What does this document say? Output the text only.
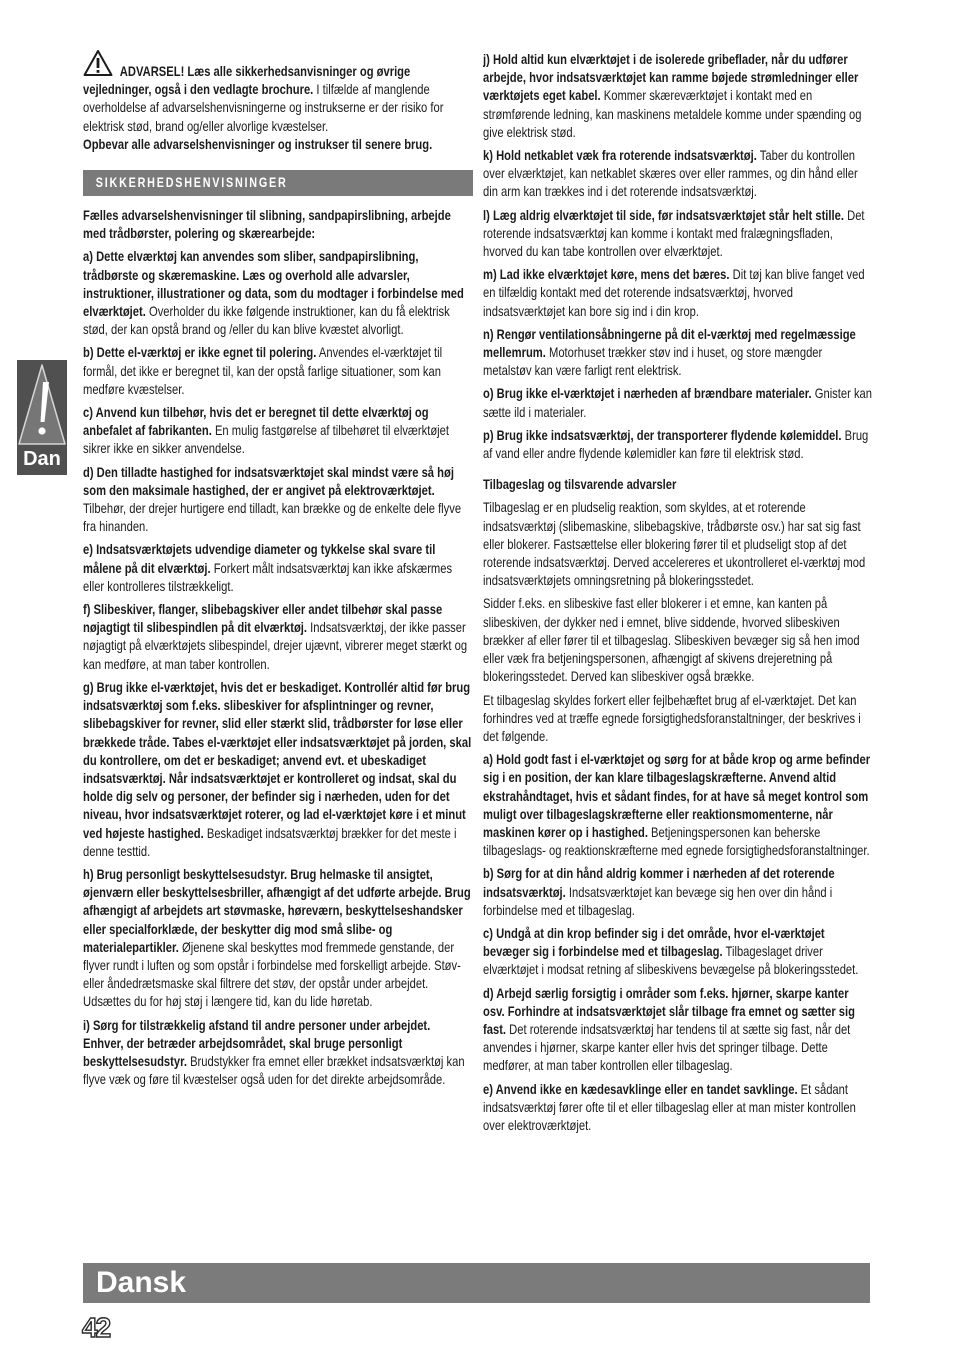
ADVARSEL! Læs alle sikkerhedsanvisninger og øvrige vejledninger, også i den vedlagte brochure. I tilfælde af manglende overholdelse af advarselshenvisningerne og instrukserne er der risiko for elektrisk stød, brand og/eller alvorlige kvæstelser.

Opbevar alle advarselshenvisninger og instrukser til senere brug.

SIKKERHEDSHENVISNINGER

Fælles advarselshenvisninger til slibning, sandpapirslibning, arbejde med trådbørster, polering og skærearbejde:

a) Dette elværktøj kan anvendes som sliber, sandpapirslibning, trådbørste og skæremaskine. Læs og overhold alle advarsler, instruktioner, illustrationer og data, som du modtager i forbindelse med elværktøjet. Overholder du ikke følgende instruktioner, kan du få elektrisk stød, der kan opstå brand og /eller du kan blive kvæstet alvorligt.

b) Dette el-værktøj er ikke egnet til polering. Anvendes el-værktøjet til formål, det ikke er beregnet til, kan der opstå farlige situationer, som kan medføre kvæstelser.

c) Anvend kun tilbehør, hvis det er beregnet til dette elværktøj og anbefalet af fabrikanten. En mulig fastgørelse af tilbehøret til elværktøjet sikrer ikke en sikker anvendelse.

d) Den tilladte hastighed for indsatsværktøjet skal mindst være så høj som den maksimale hastighed, der er angivet på elektroværktøjet. Tilbehør, der drejer hurtigere end tilladt, kan brække og de enkelte dele flyve fra hinanden.

e) Indsatsværktøjets udvendige diameter og tykkelse skal svare til målene på dit elværktøj. Forkert målt indsatsværktøj kan ikke afskærmes eller kontrolleres tilstrækkeligt.

f) Slibeskiver, flanger, slibebagskiver eller andet tilbehør skal passe nøjagtigt til slibespindlen på dit elværktøj. Indsatsværktøj, der ikke passer nøjagtigt på elværktøjets slibespindel, drejer ujævnt, vibrerer meget stærkt og kan medføre, at man taber kontrollen.

g) Brug ikke el-værktøjet, hvis det er beskadiget. Kontrollér altid før brug indsatsværktøj som f.eks. slibeskiver for afsplintninger og revner, slibebagskiver for revner, slid eller stærkt slid, trådbørster for løse eller brækkede tråde. Tabes el-værktøjet eller indsatsværktøjet på jorden, skal du kontrollere, om det er beskadiget; anvend evt. et ubeskadiget indsatsværktøj. Når indsatsværktøjet er kontrolleret og indsat, skal du holde dig selv og personer, der befinder sig i nærheden, uden for det niveau, hvor indsatsværktøjet roterer, og lad el-værktøjet køre i et minut ved højeste hastighed. Beskadiget indsatsværktøj brækker for det meste i denne testtid.

h) Brug personligt beskyttelsesudstyr. Brug helmaske til ansigtet, øjenværn eller beskyttelsesbriller, afhængigt af det udførte arbejde. Brug afhængigt af arbejdets art støvmaske, høreværn, beskyttelseshandsker eller specialforklæde, der beskytter dig mod små slibe- og materialepartikler. Øjenene skal beskyttes mod fremmede genstande, der flyver rundt i luften og som opstår i forbindelse med forskelligt arbejde. Støv- eller åndedrætsmaske skal filtrere det støv, der opstår under arbejdet. Udsættes du for høj støj i længere tid, kan du lide høretab.

i) Sørg for tilstrækkelig afstand til andre personer under arbejdet. Enhver, der betræder arbejdsområdet, skal bruge personligt beskyttelsesudstyr. Brudstykker fra emnet eller brækket indsatsværktøj kan flyve væk og føre til kvæstelser også uden for det direkte arbejdsområde.

j) Hold altid kun elværktøjet i de isolerede gribeflader, når du udfører arbejde, hvor indsatsværktøjet kan ramme bøjede strømledninger eller værktøjets eget kabel. Kommer skæreværktøjet i kontakt med en strømførende ledning, kan maskinens metaldele komme under spænding og give elektrisk stød.

k) Hold netkablet væk fra roterende indsatsværktøj. Taber du kontrollen over elværktøjet, kan netkablet skæres over eller rammes, og din hånd eller din arm kan trækkes ind i det roterende indsatsværktøj.

l) Læg aldrig elværktøjet til side, før indsatsværktøjet står helt stille. Det roterende indsatsværktøj kan komme i kontakt med fralægningsfladen, hvorved du kan tabe kontrollen over elværktøjet.

m) Lad ikke elværktøjet køre, mens det bæres. Dit tøj kan blive fanget ved en tilfældig kontakt med det roterende indsatsværktøj, hvorved indsatsværktøjet kan bore sig ind i din krop.

n) Rengør ventilationsåbningerne på dit el-værktøj med regelmæssige mellemrum. Motorhuset trækker støv ind i huset, og store mængder metalstøv kan være farligt rent elektrisk.

o) Brug ikke el-værktøjet i nærheden af brændbare materialer. Gnister kan sætte ild i materialer.

p) Brug ikke indsatsværktøj, der transporterer flydende kølemiddel. Brug af vand eller andre flydende kølemidler kan føre til elektrisk stød.

Tilbageslag og tilsvarende advarsler

Tilbageslag er en pludselig reaktion, som skyldes, at et roterende indsatsværktøj (slibemaskine, slibebagskive, trådbørste osv.) har sat sig fast eller blokerer. Fastsættelse eller blokering fører til et pludseligt stop af det roterende indsatsværktøj. Derved accelereres et ukontrolleret el-værktøj mod indsatsværktøjets omningsretning på blokeringsstedet.

Sidder f.eks. en slibeskive fast eller blokerer i et emne, kan kanten på slibeskiven, der dykker ned i emnet, blive siddende, hvorved slibeskiven brækker af eller fører til et tilbageslag. Slibeskiven bevæger sig så hen imod eller væk fra betjeningspersonen, afhængigt af skivens drejeretning på blokeringsstedet. Derved kan slibeskiver også brække.

Et tilbageslag skyldes forkert eller fejlbehæftet brug af el-værktøjet. Det kan forhindres ved at træffe egnede forsigtighedsforanstaltninger, der beskrives i det følgende.

a) Hold godt fast i el-værktøjet og sørg for at både krop og arme befinder sig i en position, der kan klare tilbageslagskræfterne. Anvend altid ekstrahåndtaget, hvis et sådant findes, for at have så meget kontrol som muligt over tilbageslagskræfterne eller reaktionsmomenterne, når maskinen kører op i hastighed. Betjeningspersonen kan beherske tilbageslags- og reaktionskræfterne med egnede forsigtighedsforanstaltninger.

b) Sørg for at din hånd aldrig kommer i nærheden af det roterende indsatsværktøj. Indsatsværktøjet kan bevæge sig hen over din hånd i forbindelse med et tilbageslag.

c) Undgå at din krop befinder sig i det område, hvor el-værktøjet bevæger sig i forbindelse med et tilbageslag. Tilbageslaget driver elværktøjet i modsat retning af slibeskivens bevægelse på blokeringsstedet.

d) Arbejd særlig forsigtig i områder som f.eks. hjørner, skarpe kanter osv. Forhindre at indsatsværktøjet slår tilbage fra emnet og sætter sig fast. Det roterende indsatsværktøj har tendens til at sætte sig fast, når det anvendes i hjørner, skarpe kanter eller hvis det springer tilbage. Dette medfører, at man taber kontrollen eller tilbageslag.

e) Anvend ikke en kædesavklinge eller en tandet savklinge. Et sådant indsatsværktøj fører ofte til et eller tilbageslag eller at man mister kontrollen over elektroværktøjet.

Dan
Dansk
42
